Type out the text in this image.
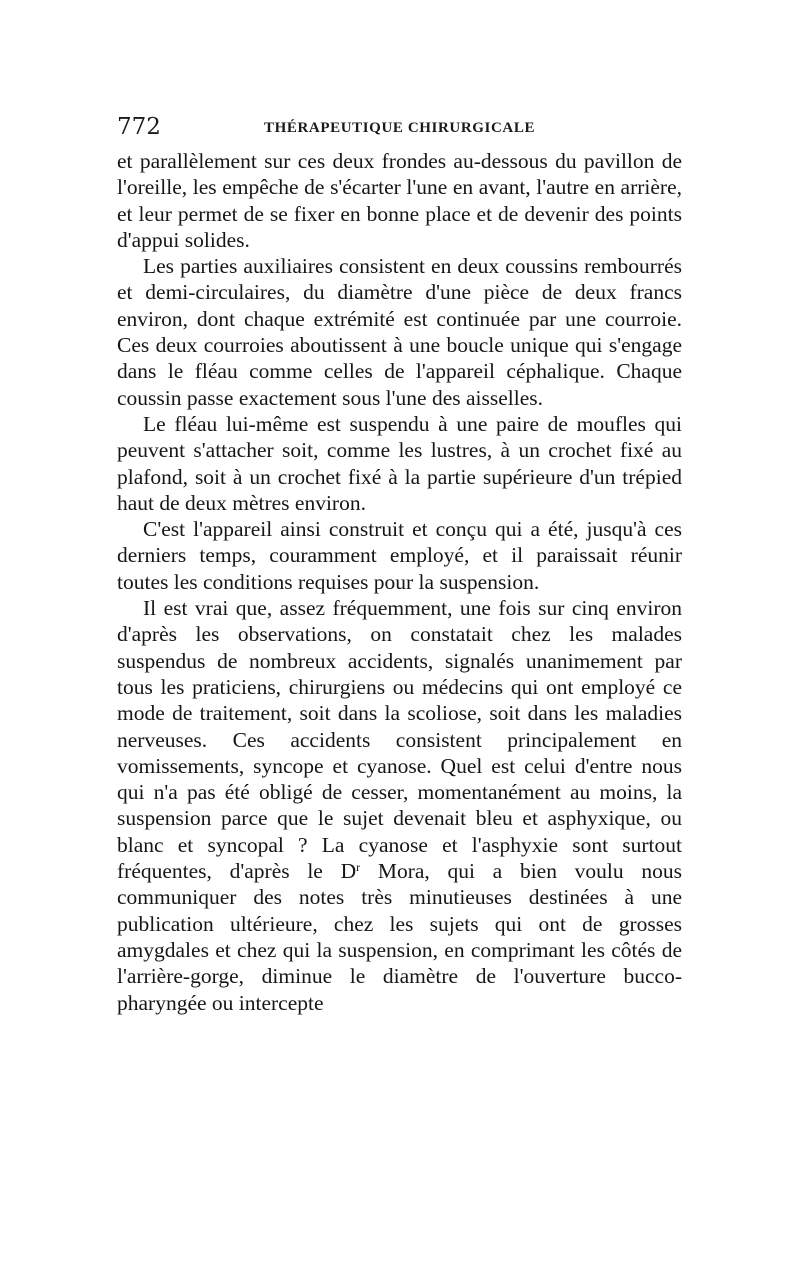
772	THÉRAPEUTIQUE CHIRURGICALE

et parallèlement sur ces deux frondes au-dessous du pavillon de l'oreille, les empêche de s'écarter l'une en avant, l'autre en arrière, et leur permet de se fixer en bonne place et de devenir des points d'appui solides.

Les parties auxiliaires consistent en deux coussins rembourrés et demi-circulaires, du diamètre d'une pièce de deux francs environ, dont chaque extrémité est continuée par une courroie. Ces deux courroies aboutissent à une boucle unique qui s'engage dans le fléau comme celles de l'appareil céphalique. Chaque coussin passe exactement sous l'une des aisselles.

Le fléau lui-même est suspendu à une paire de moufles qui peuvent s'attacher soit, comme les lustres, à un crochet fixé au plafond, soit à un crochet fixé à la partie supérieure d'un trépied haut de deux mètres environ.

C'est l'appareil ainsi construit et conçu qui a été, jusqu'à ces derniers temps, couramment employé, et il paraissait réunir toutes les conditions requises pour la suspension.

Il est vrai que, assez fréquemment, une fois sur cinq environ d'après les observations, on constatait chez les malades suspendus de nombreux accidents, signalés unanimement par tous les praticiens, chirurgiens ou médecins qui ont employé ce mode de traitement, soit dans la scoliose, soit dans les maladies nerveuses. Ces accidents consistent principalement en vomissements, syncope et cyanose. Quel est celui d'entre nous qui n'a pas été obligé de cesser, momentanément au moins, la suspension parce que le sujet devenait bleu et asphyxique, ou blanc et syncopal ? La cyanose et l'asphyxie sont surtout fréquentes, d'après le $D^r$ Mora, qui a bien voulu nous communiquer des notes très minutieuses destinées à une publication ultérieure, chez les sujets qui ont de grosses amygdales et chez qui la suspension, en comprimant les côtés de l'arrière-gorge, diminue le diamètre de l'ouverture bucco-pharyngée ou intercepte
